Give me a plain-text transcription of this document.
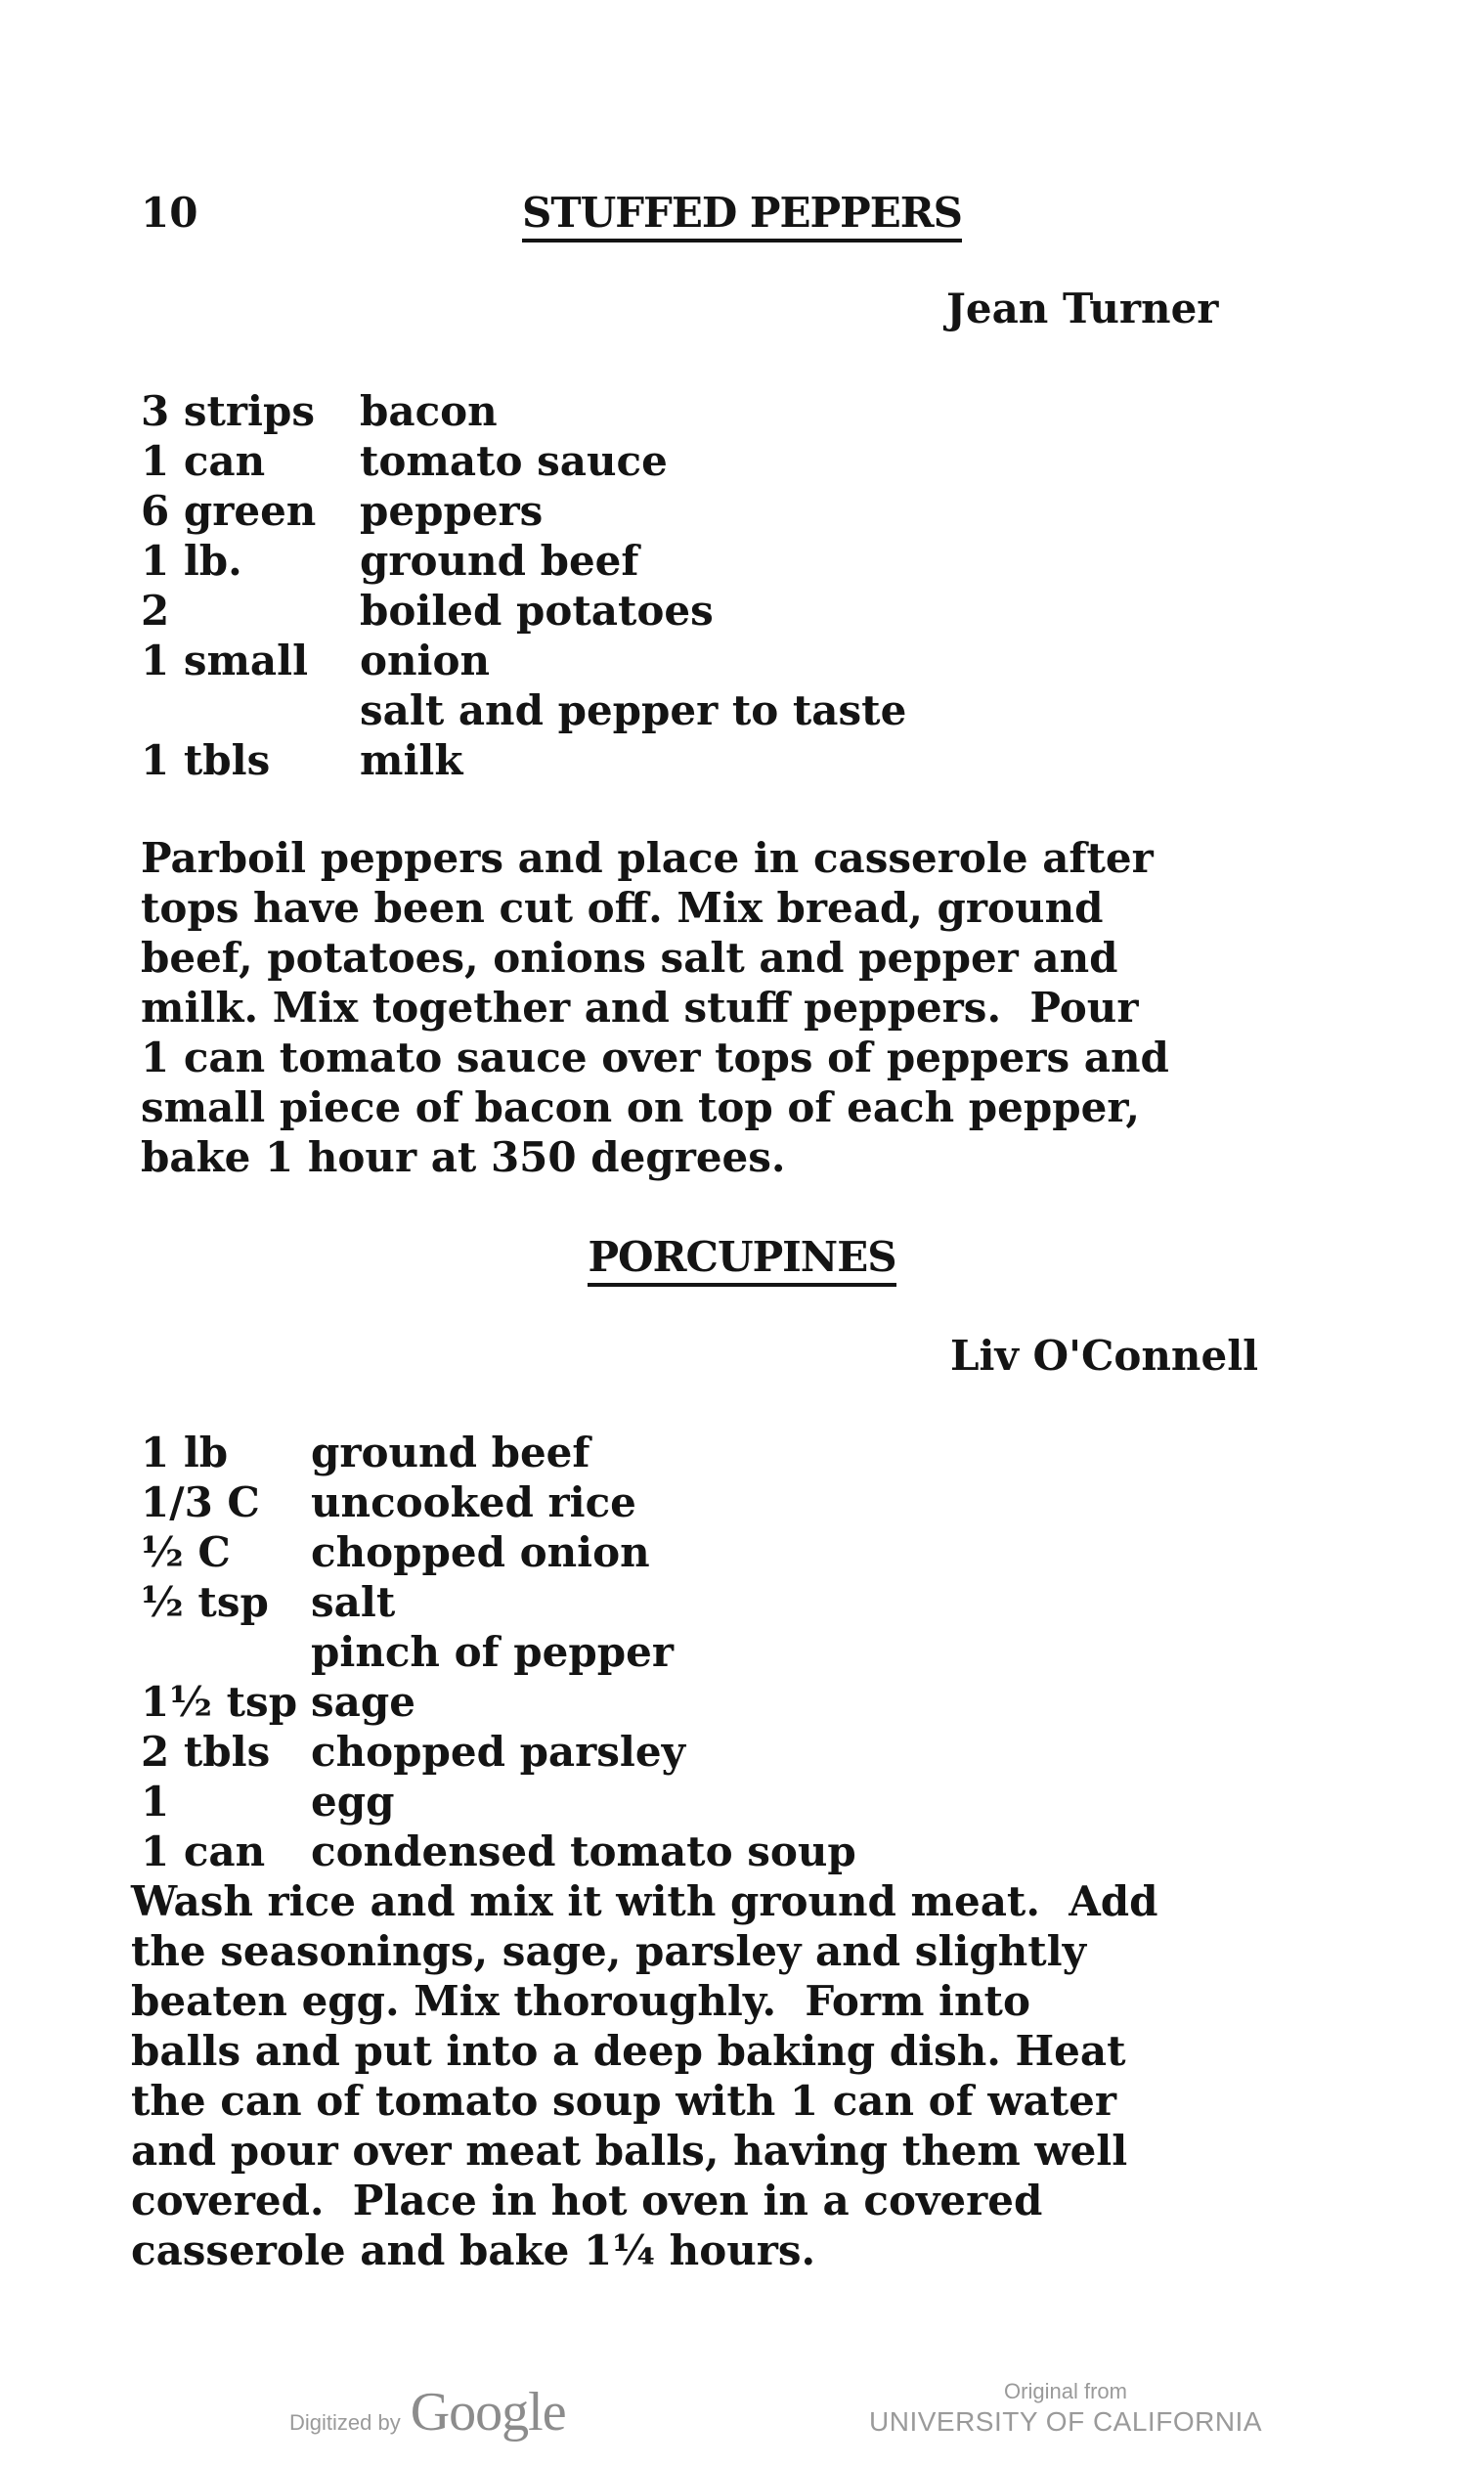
10	STUFFED PEPPERS
Jean Turner
3 strips	bacon
1 can	tomato sauce
6 green	peppers
1 lb.	ground beef
2	boiled potatoes
1 small	onion
salt and pepper to taste
1 tbls	milk
Parboil peppers and place in casserole after
tops have been cut off. Mix bread, ground
beef, potatoes, onions salt and pepper and
milk. Mix together and stuff peppers.  Pour
1 can tomato sauce over tops of peppers and
small piece of bacon on top of each pepper,
bake 1 hour at 350 degrees.
PORCUPINES
Liv O'Connell
1 lb	ground beef
1/3 C	uncooked rice
½ C	chopped onion
½ tsp	salt
pinch of pepper
1½ tsp sage
2 tbls chopped parsley
1	egg
1 can	condensed tomato soup
Wash rice and mix it with ground meat.  Add
the seasonings, sage, parsley and slightly
beaten egg. Mix thoroughly.  Form into
balls and put into a deep baking dish. Heat
the can of tomato soup with 1 can of water
and pour over meat balls, having them well
covered.  Place in hot oven in a covered
casserole and bake 1¼ hours.
Digitized by Google	Original from
UNIVERSITY OF CALIFORNIA
